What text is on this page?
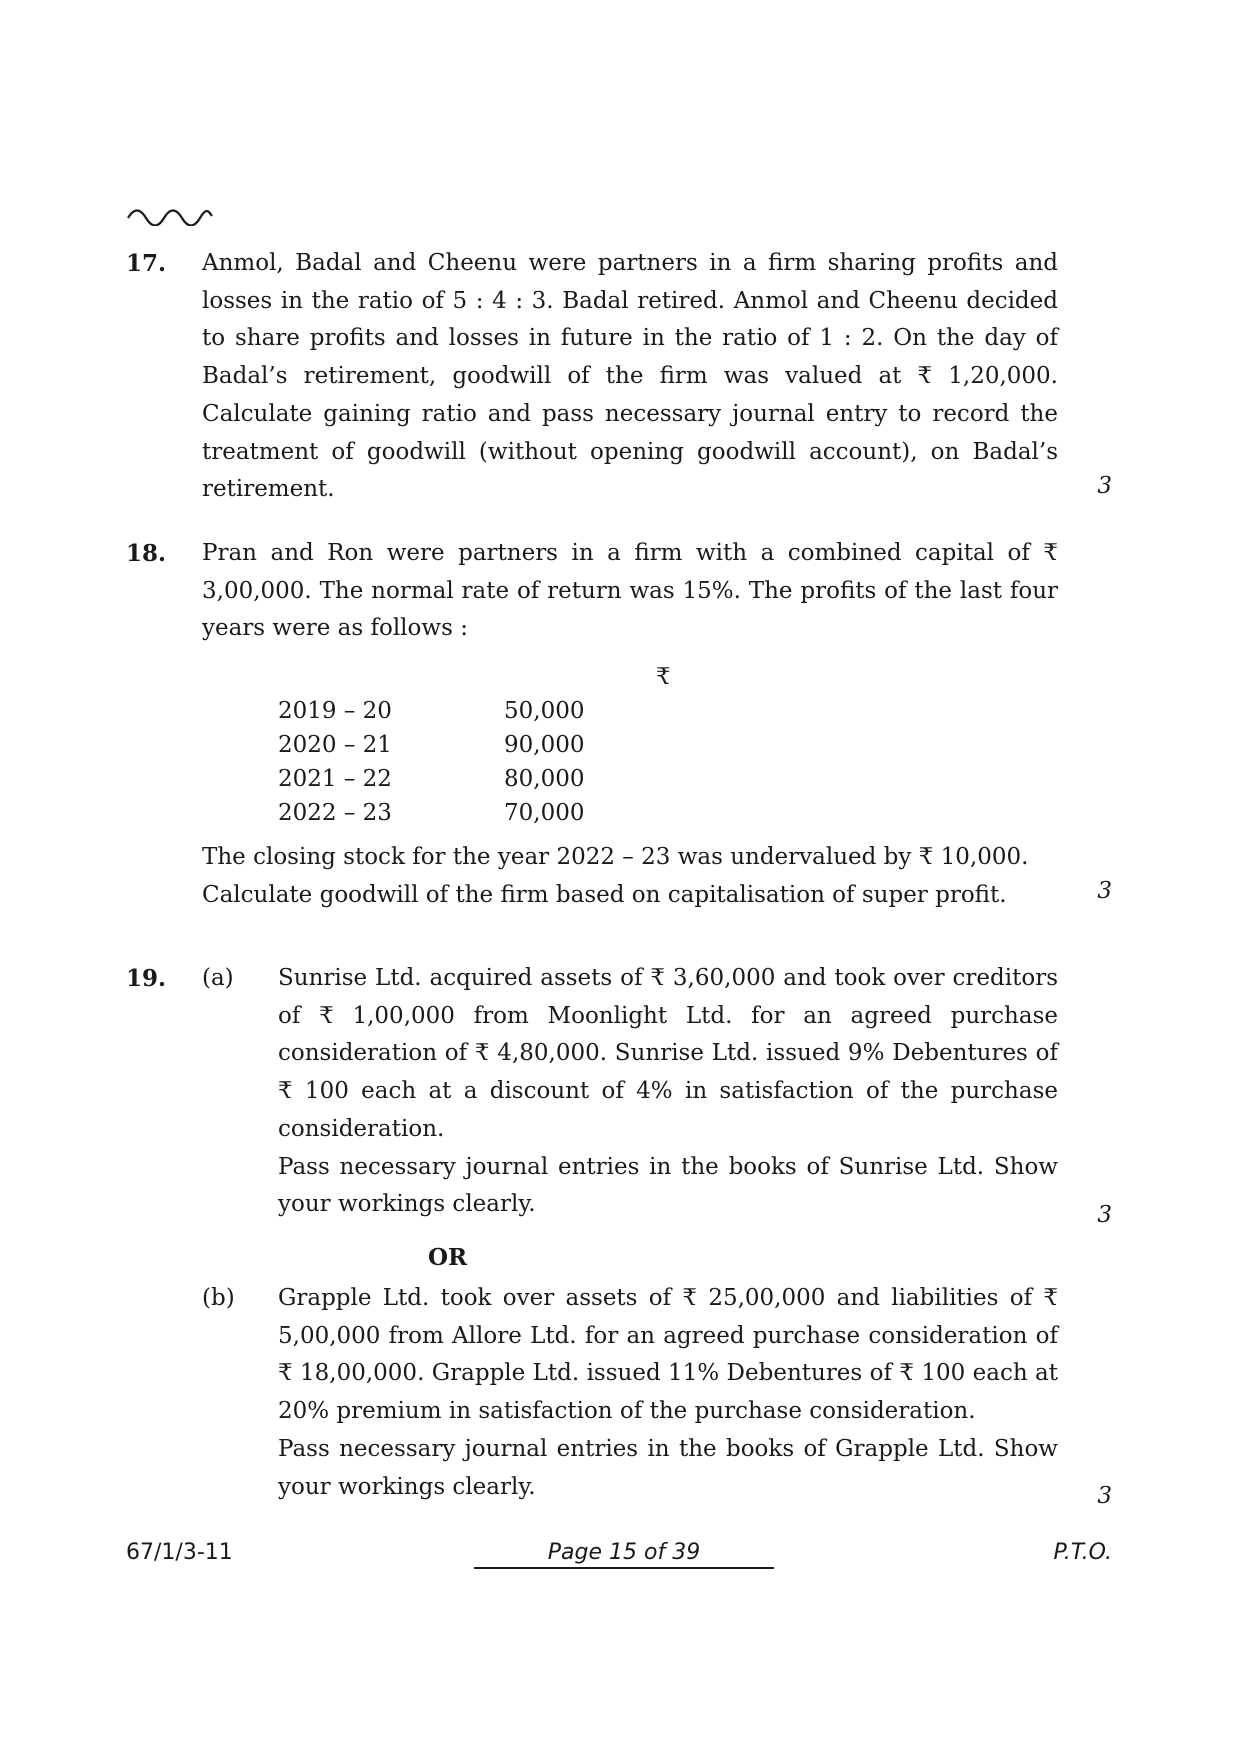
17. Anmol, Badal and Cheenu were partners in a firm sharing profits and losses in the ratio of 5 : 4 : 3. Badal retired. Anmol and Cheenu decided to share profits and losses in future in the ratio of 1 : 2. On the day of Badal’s retirement, goodwill of the firm was valued at ₹ 1,20,000. Calculate gaining ratio and pass necessary journal entry to record the treatment of goodwill (without opening goodwill account), on Badal’s retirement.	3
18. Pran and Ron were partners in a firm with a combined capital of ₹ 3,00,000. The normal rate of return was 15%. The profits of the last four years were as follows :
₹
2019 – 20	50,000
2020 – 21	90,000
2021 – 22	80,000
2022 – 23	70,000

The closing stock for the year 2022 – 23 was undervalued by ₹ 10,000.

Calculate goodwill of the firm based on capitalisation of super profit.	3
19. (a) Sunrise Ltd. acquired assets of ₹ 3,60,000 and took over creditors of ₹ 1,00,000 from Moonlight Ltd. for an agreed purchase consideration of ₹ 4,80,000. Sunrise Ltd. issued 9% Debentures of ₹ 100 each at a discount of 4% in satisfaction of the purchase consideration.

Pass necessary journal entries in the books of Sunrise Ltd. Show your workings clearly.	3
OR
(b) Grapple Ltd. took over assets of ₹ 25,00,000 and liabilities of ₹ 5,00,000 from Allore Ltd. for an agreed purchase consideration of ₹ 18,00,000. Grapple Ltd. issued 11% Debentures of ₹ 100 each at 20% premium in satisfaction of the purchase consideration.

Pass necessary journal entries in the books of Grapple Ltd. Show your workings clearly.	3
67/1/3-11	Page 15 of 39	P.T.O.
